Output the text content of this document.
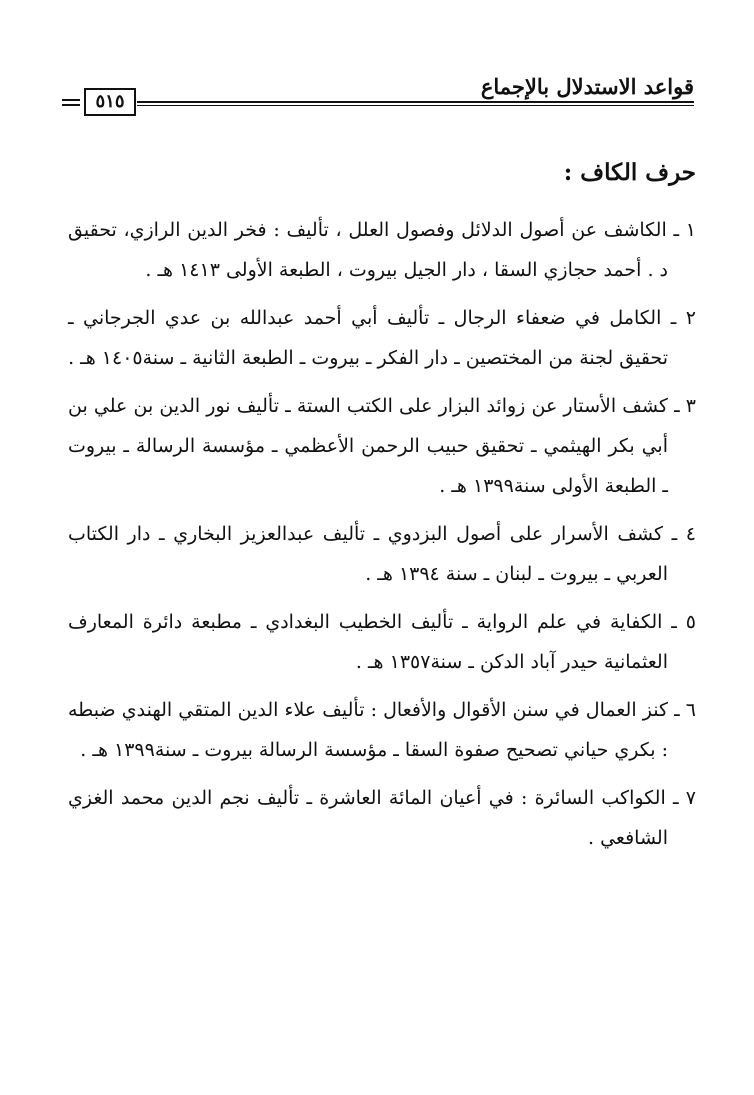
قواعد الاستدلال بالإجماع
٥١٥
حرف الكاف :

١ ـ الكاشف عن أصول الدلائل وفصول العلل ، تأليف : فخر الدين الرازي، تحقيق د . أحمد حجازي السقا ، دار الجيل بيروت ، الطبعة الأولى ١٤١٣ هـ .

٢ ـ الكامل في ضعفاء الرجال ـ تأليف أبي أحمد عبدالله بن عدي الجرجاني ـ تحقيق لجنة من المختصين ـ دار الفكر ـ بيروت ـ الطبعة الثانية ـ سنة١٤٠٥ هـ .

٣ ـ كشف الأستار عن زوائد البزار على الكتب الستة ـ تأليف نور الدين بن علي بن أبي بكر الهيثمي ـ تحقيق حبيب الرحمن الأعظمي ـ مؤسسة الرسالة ـ بيروت ـ الطبعة الأولى سنة١٣٩٩ هـ .

٤ ـ كشف الأسرار على أصول البزدوي ـ تأليف عبدالعزيز البخاري ـ دار الكتاب العربي ـ بيروت ـ لبنان ـ سنة ١٣٩٤ هـ .

٥ ـ الكفاية في علم الرواية ـ تأليف الخطيب البغدادي ـ مطبعة دائرة المعارف العثمانية حيدر آباد الدكن ـ سنة١٣٥٧ هـ .

٦ ـ كنز العمال في سنن الأقوال والأفعال : تأليف علاء الدين المتقي الهندي ضبطه : بكري حياني تصحيح صفوة السقا ـ مؤسسة الرسالة بيروت ـ سنة١٣٩٩ هـ .

٧ ـ الكواكب السائرة : في أعيان المائة العاشرة ـ تأليف نجم الدين محمد الغزي الشافعي .
